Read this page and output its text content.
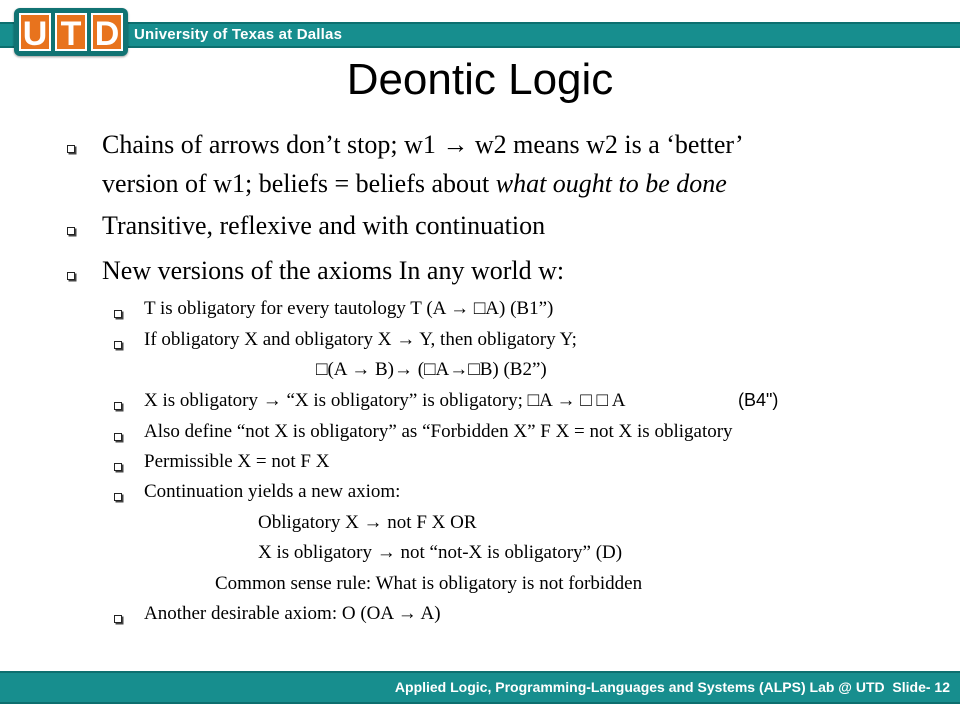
University of Texas at Dallas
U T D
Deontic Logic
Chains of arrows don’t stop; w1 → w2 means w2 is a ‘better’
version of w1; beliefs = beliefs about what ought to be done
Transitive, reflexive and with continuation
New versions of the axioms In any world w:
T is obligatory for every tautology T (A → □A) (B1”)
If obligatory X and obligatory X → Y, then obligatory Y;
□(A → B)→ (□A→□B) (B2”)
X is obligatory → “X is obligatory” is obligatory; □A → □ □ A	(B4")
Also define “not X is obligatory” as “Forbidden X” F X = not X is obligatory
Permissible X = not F X
Continuation yields a new axiom:
Obligatory X → not F X OR
X is obligatory → not “not-X is obligatory” (D)
Common sense rule: What is obligatory is not forbidden
Another desirable axiom: O (OA → A)
Applied Logic, Programming-Languages and Systems (ALPS) Lab @ UTD Slide- 12
